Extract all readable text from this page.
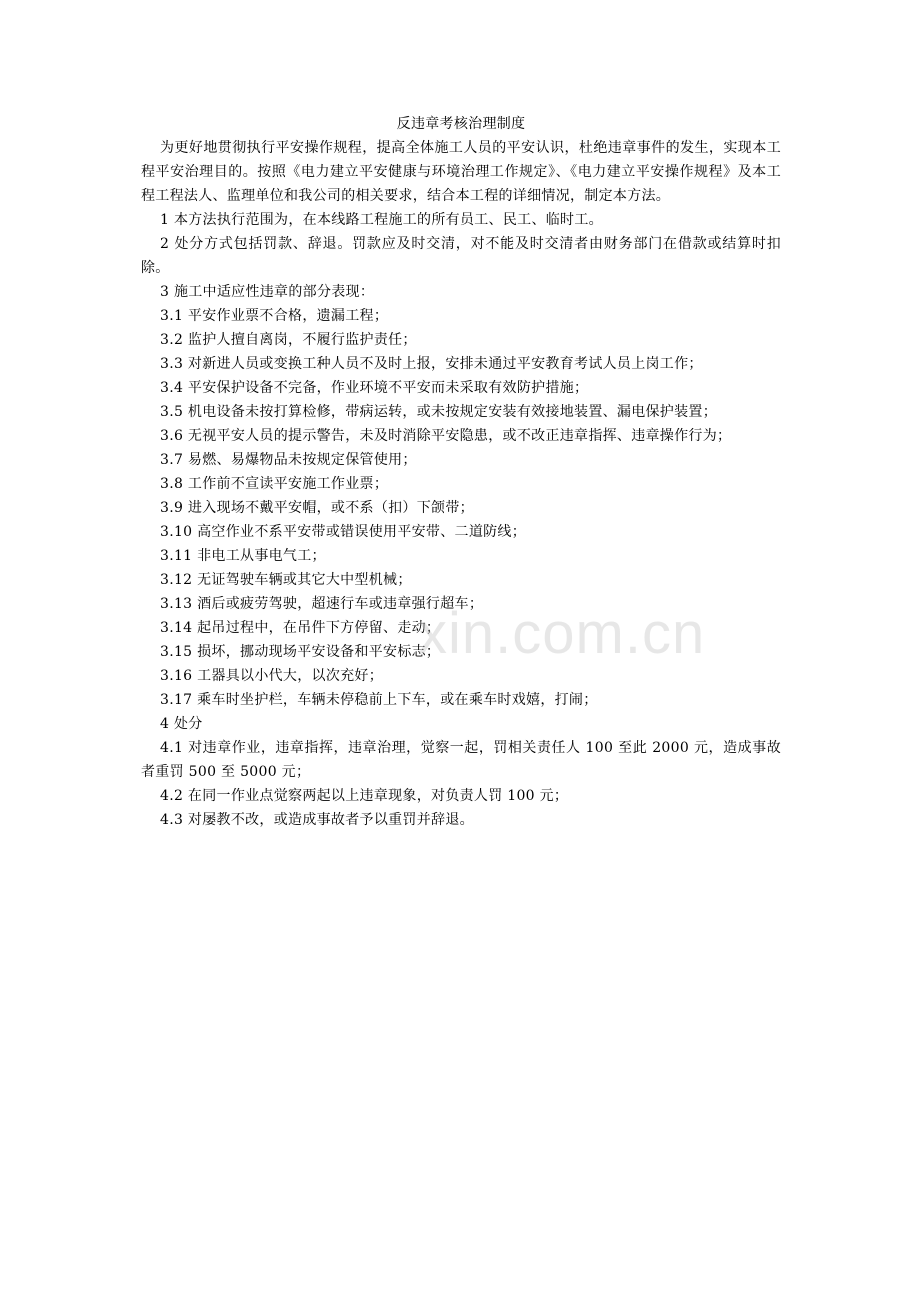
反违章考核治理制度

为更好地贯彻执行平安操作规程，提高全体施工人员的平安认识，杜绝违章事件的发生，实现本工程平安治理目的。按照《电力建立平安健康与环境治理工作规定》、《电力建立平安操作规程》及本工程工程法人、监理单位和我公司的相关要求，结合本工程的详细情况，制定本方法。

1 本方法执行范围为，在本线路工程施工的所有员工、民工、临时工。

2 处分方式包括罚款、辞退。罚款应及时交清，对不能及时交清者由财务部门在借款或结算时扣除。

3 施工中适应性违章的部分表现：

3.1 平安作业票不合格，遗漏工程；

3.2 监护人擅自离岗，不履行监护责任；

3.3 对新进人员或变换工种人员不及时上报，安排未通过平安教育考试人员上岗工作；

3.4 平安保护设备不完备，作业环境不平安而未采取有效防护措施；

3.5 机电设备未按打算检修，带病运转，或未按规定安装有效接地装置、漏电保护装置；

3.6 无视平安人员的提示警告，未及时消除平安隐患，或不改正违章指挥、违章操作行为；

3.7 易燃、易爆物品未按规定保管使用；

3.8 工作前不宣读平安施工作业票；

3.9 进入现场不戴平安帽，或不系（扣）下颌带；

3.10 高空作业不系平安带或错误使用平安带、二道防线；

3.11 非电工从事电气工；

3.12 无证驾驶车辆或其它大中型机械；

3.13 酒后或疲劳驾驶，超速行车或违章强行超车；

3.14 起吊过程中，在吊件下方停留、走动；

3.15 损坏，挪动现场平安设备和平安标志；

3.16 工器具以小代大，以次充好；

3.17 乘车时坐护栏，车辆未停稳前上下车，或在乘车时戏嬉，打闹；

4 处分

4.1 对违章作业，违章指挥，违章治理，觉察一起，罚相关责任人 100 至此 2000 元，造成事故者重罚 500 至 5000 元；

4.2 在同一作业点觉察两起以上违章现象，对负责人罚 100 元；

4.3 对屡教不改，或造成事故者予以重罚并辞退。

xin.com.cn
